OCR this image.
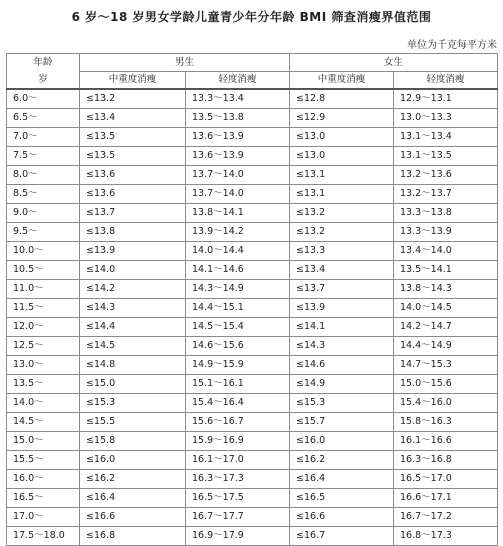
6 岁～18 岁男女学龄儿童青少年分年龄 BMI 筛查消瘦界值范围
单位为千克每平方米
年龄
岁	男生		女生	
	中重度消瘦	轻度消瘦	中重度消瘦	轻度消瘦
6.0～	≤13.2	13.3～13.4	≤12.8	12.9～13.1
6.5～	≤13.4	13.5～13.8	≤12.9	13.0～13.3
7.0～	≤13.5	13.6～13.9	≤13.0	13.1～13.4
7.5～	≤13.5	13.6～13.9	≤13.0	13.1～13.5
8.0～	≤13.6	13.7～14.0	≤13.1	13.2～13.6
8.5～	≤13.6	13.7～14.0	≤13.1	13.2～13.7
9.0～	≤13.7	13.8～14.1	≤13.2	13.3～13.8
9.5～	≤13.8	13.9～14.2	≤13.2	13.3～13.9
10.0～	≤13.9	14.0～14.4	≤13.3	13.4～14.0
10.5～	≤14.0	14.1～14.6	≤13.4	13.5～14.1
11.0～	≤14.2	14.3～14.9	≤13.7	13.8～14.3
11.5～	≤14.3	14.4～15.1	≤13.9	14.0～14.5
12.0～	≤14.4	14.5～15.4	≤14.1	14.2～14.7
12.5～	≤14.5	14.6～15.6	≤14.3	14.4～14.9
13.0～	≤14.8	14.9～15.9	≤14.6	14.7～15.3
13.5～	≤15.0	15.1～16.1	≤14.9	15.0～15.6
14.0～	≤15.3	15.4～16.4	≤15.3	15.4～16.0
14.5～	≤15.5	15.6～16.7	≤15.7	15.8～16.3
15.0～	≤15.8	15.9～16.9	≤16.0	16.1～16.6
15.5～	≤16.0	16.1～17.0	≤16.2	16.3～16.8
16.0～	≤16.2	16.3～17.3	≤16.4	16.5～17.0
16.5～	≤16.4	16.5～17.5	≤16.5	16.6～17.1
17.0～	≤16.6	16.7～17.7	≤16.6	16.7～17.2
17.5～18.0	≤16.8	16.9～17.9	≤16.7	16.8～17.3
